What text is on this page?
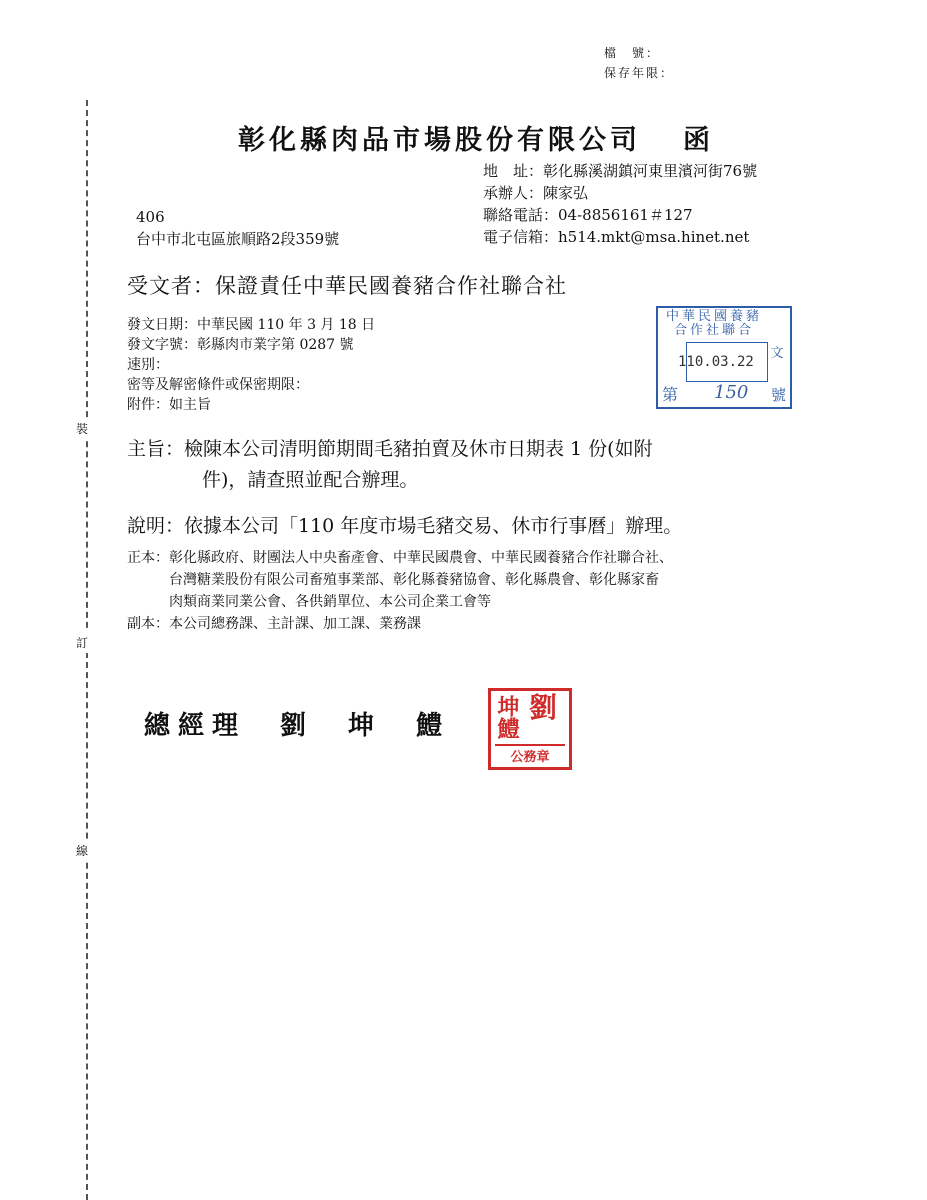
裝
訂
線
檔　號：
保存年限：
彰化縣肉品市場股份有限公司 函
地　址：彰化縣溪湖鎮河東里濱河街76號
承辦人：陳家弘
聯絡電話：04-8856161＃127
電子信箱：h514.mkt@msa.hinet.net
406
台中市北屯區旅順路2段359號
受文者：保證責任中華民國養豬合作社聯合社
發文日期：中華民國 110 年 3 月 18 日
發文字號：彰縣肉市業字第 0287 號
速別：
密等及解密條件或保密期限：
附件：如主旨
中華民國養豬合作社聯合
110.03.22
文
第 150 號
主旨：檢陳本公司清明節期間毛豬拍賣及休市日期表 1 份(如附
件)，請查照並配合辦理。
說明：依據本公司「110 年度市場毛豬交易、休市行事曆」辦理。
正本：彰化縣政府、財團法人中央畜產會、中華民國農會、中華民國養豬合作社聯合社、
台灣糖業股份有限公司畜殖事業部、彰化縣養豬協會、彰化縣農會、彰化縣家畜
肉類商業同業公會、各供銷單位、本公司企業工會等
副本：本公司總務課、主計課、加工課、業務課
總經理　劉　坤　鱧 坤鱧 劉
公務章
